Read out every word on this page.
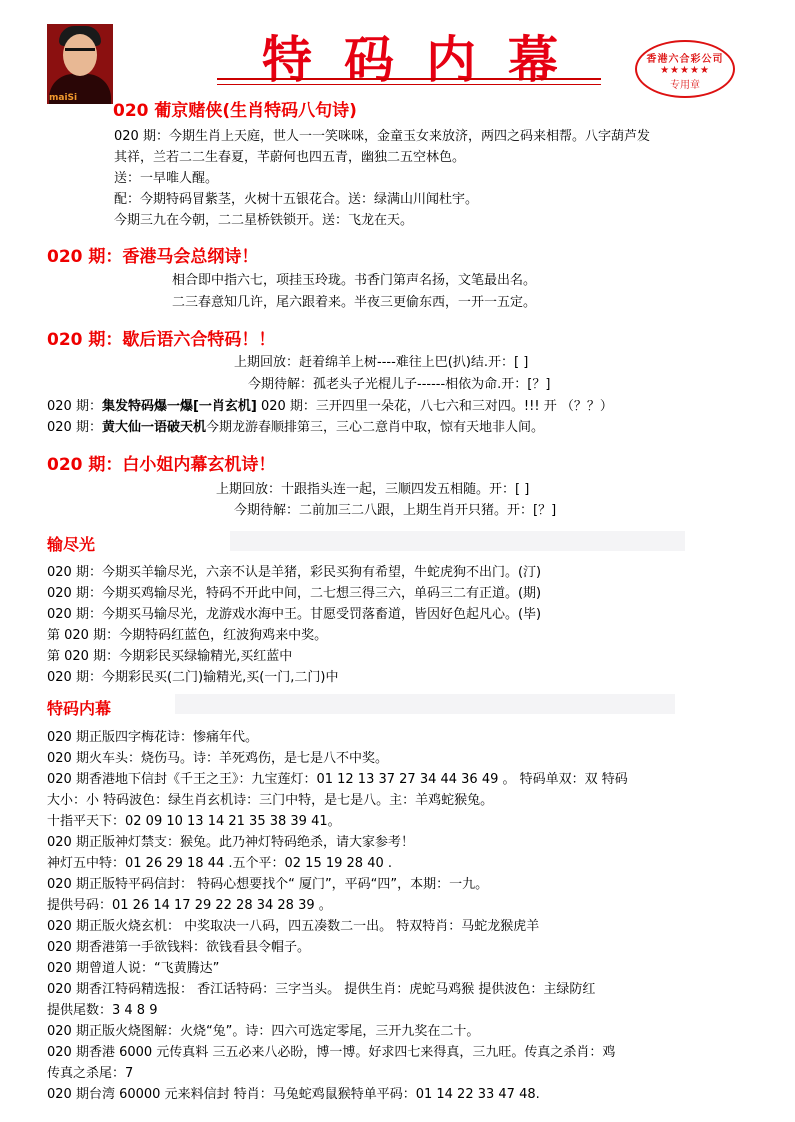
maiSi
特码内幕	香港六合彩公司
★★★★★
专用章
020 葡京赌侠(生肖特码八句诗)
020 期：今期生肖上天庭，世人一一笑咪咪，金童玉女来放济，两四之码来相帮。八字葫芦发
其祥，兰若二二生春夏，芊蔚何也四五青，幽独二五空林色。
送：一早唯人醒。
配：今期特码冒紫茎，火树十五银花合。送：绿满山川闻杜宇。
今期三九在今朝，二二星桥铁锁开。送：飞龙在天。
020 期：香港马会总纲诗！
相合即中指六七，项挂玉玲珑。书香门第声名扬，文笔最出名。
二三春意知几许，尾六跟着来。半夜三更偷东西，一开一五定。
020 期：歇后语六合特码！！
上期回放：赶着绵羊上树----难往上巴(扒)结.开：[ ]
今期待解：孤老头子光棍儿子------相依为命.开：[？]
020 期：集发特码爆一爆[一肖玄机] 020 期：三开四里一朵花，八七六和三对四。!!! 开 （？？）
020 期：黄大仙一语破天机今期龙游春顺排第三，三心二意肖中取，惊有天地非人间。
020 期：白小姐内幕玄机诗！
上期回放：十跟指头连一起，三顺四发五相随。开：[ ]
今期待解：二前加三二八跟，上期生肖开只猪。开：[？]
输尽光
020 期：今期买羊输尽光，六亲不认是羊猪，彩民买狗有希望，牛蛇虎狗不出门。(汀)
020 期：今期买鸡输尽光，特码不开此中间，二七想三得三六，单码三二有正道。(期)
020 期：今期买马输尽光，龙游戏水海中王。甘愿受罚落畜道，皆因好色起凡心。(毕)
第 020 期：今期特码红蓝色，红波狗鸡来中奖。
第 020 期：今期彩民买绿输精光,买红蓝中
020 期：今期彩民买(二门)输精光,买(一门,二门)中
特码内幕
020 期正版四字梅花诗：惨痛年代。
020 期火车头：烧伤马。诗：羊死鸡伤，是七是八不中奖。
020 期香港地下信封《千王之王》：九宝莲灯：01 12 13 37 27 34 44 36 49 。 特码单双：双 特码
大小：小 特码波色：绿生肖玄机诗：三门中特，是七是八。主：羊鸡蛇猴兔。
十指平天下：02 09 10 13 14 21 35 38 39 41。
020 期正版神灯禁支：猴兔。此乃神灯特码绝杀，请大家参考！
神灯五中特：01 26 29 18 44 .五个平：02 15 19 28 40 .
020 期正版特平码信封： 特码心想要找个“ 厦门”，平码“四”，本期：一九。
提供号码：01 26 14 17 29 22 28 34 28 39 。
020 期正版火烧玄机： 中奖取决一八码，四五凑数二一出。 特双特肖：马蛇龙猴虎羊
020 期香港第一手欲钱料：欲钱看县令帽子。
020 期曾道人说：“飞黄腾达”
020 期香江特码精选报： 香江话特码：三字当头。 提供生肖：虎蛇马鸡猴 提供波色：主绿防红
提供尾数：3 4 8 9
020 期正版火烧图解：火烧“兔”。诗：四六可选定零尾，三开九奖在二十。
020 期香港 6000 元传真料 三五必来八必盼，博一博。好求四七来得真，三九旺。传真之杀肖：鸡
传真之杀尾：7
020 期台湾 60000 元来料信封 特肖：马兔蛇鸡鼠猴特单平码：01 14 22 33 47 48.
